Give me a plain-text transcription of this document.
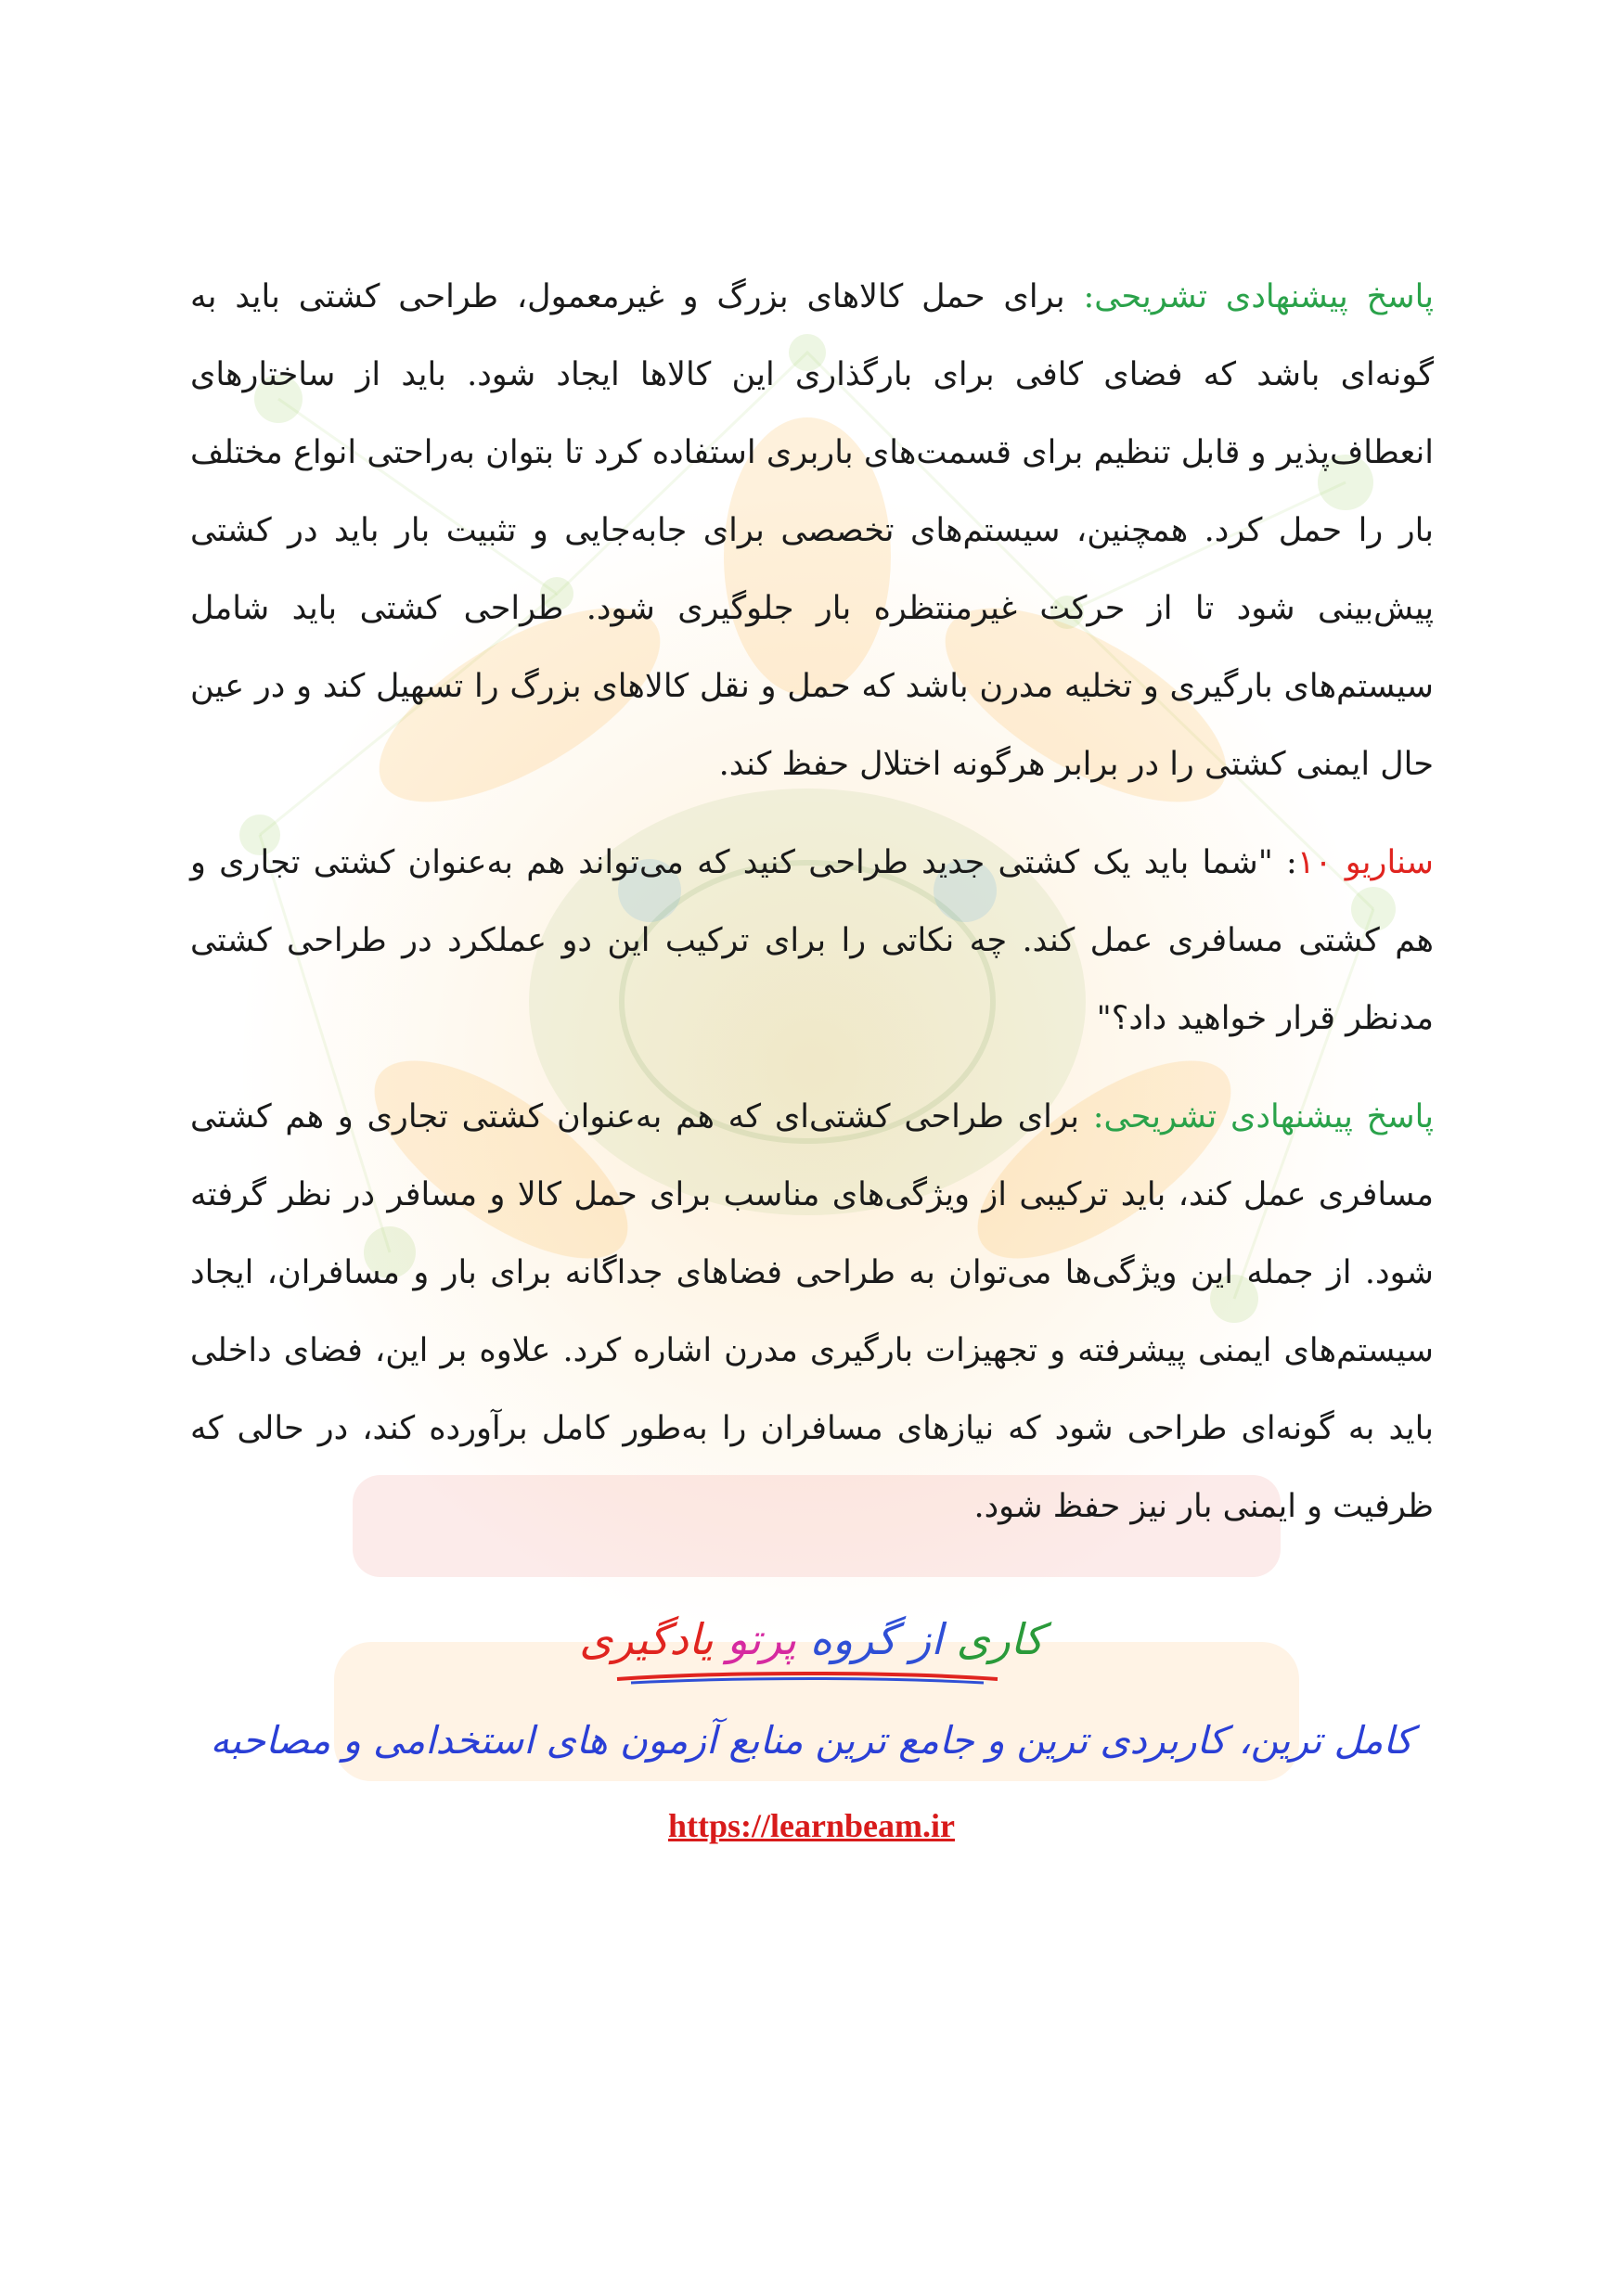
پاسخ پیشنهادی تشریحی: برای حمل کالاهای بزرگ و غیرمعمول، طراحی کشتی باید به گونه‌ای باشد که فضای کافی برای بارگذاری این کالاها ایجاد شود. باید از ساختارهای انعطاف‌پذیر و قابل تنظیم برای قسمت‌های باربری استفاده کرد تا بتوان به‌راحتی انواع مختلف بار را حمل کرد. همچنین، سیستم‌های تخصصی برای جابه‌جایی و تثبیت بار باید در کشتی پیش‌بینی شود تا از حرکت غیرمنتظره بار جلوگیری شود. طراحی کشتی باید شامل سیستم‌های بارگیری و تخلیه مدرن باشد که حمل و نقل کالاهای بزرگ را تسهیل کند و در عین حال ایمنی کشتی را در برابر هرگونه اختلال حفظ کند.

سناریو ۱۰: "شما باید یک کشتی جدید طراحی کنید که می‌تواند هم به‌عنوان کشتی تجاری و هم کشتی مسافری عمل کند. چه نکاتی را برای ترکیب این دو عملکرد در طراحی کشتی مدنظر قرار خواهید داد؟"

پاسخ پیشنهادی تشریحی: برای طراحی کشتی‌ای که هم به‌عنوان کشتی تجاری و هم کشتی مسافری عمل کند، باید ترکیبی از ویژگی‌های مناسب برای حمل کالا و مسافر در نظر گرفته شود. از جمله این ویژگی‌ها می‌توان به طراحی فضاهای جداگانه برای بار و مسافران، ایجاد سیستم‌های ایمنی پیشرفته و تجهیزات بارگیری مدرن اشاره کرد. علاوه بر این، فضای داخلی باید به گونه‌ای طراحی شود که نیازهای مسافران را به‌طور کامل برآورده کند، در حالی که ظرفیت و ایمنی بار نیز حفظ شود.

کاری از گروه پرتو یادگیری
کامل ترین، کاربردی ترین و جامع ترین منابع آزمون های استخدامی و مصاحبه
https://learnbeam.ir
